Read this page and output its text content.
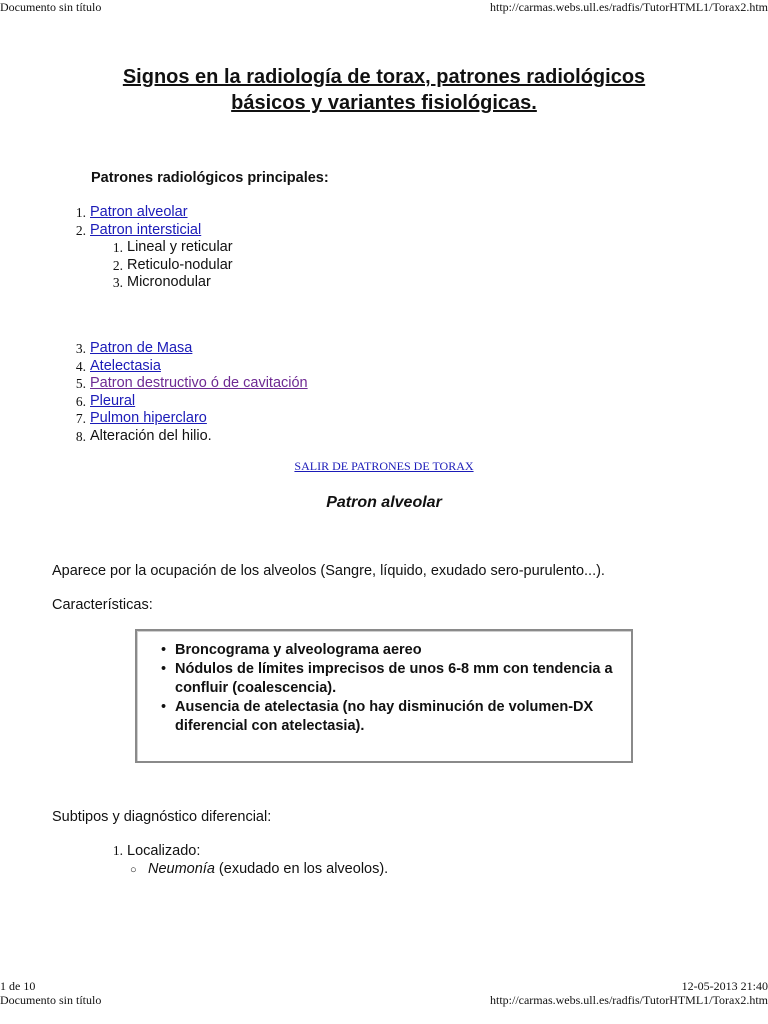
Documento sin título	http://carmas.webs.ull.es/radfis/TutorHTML1/Torax2.htm
Signos en la radiología de torax, patrones radiológicos
básicos y variantes fisiológicas.
Patrones radiológicos principales:
1. Patron alveolar
2. Patron intersticial
1. Lineal y reticular
2. Reticulo-nodular
3. Micronodular
3. Patron de Masa
4. Atelectasia
5. Patron destructivo ó de cavitación
6. Pleural
7. Pulmon hiperclaro
8. Alteración del hilio.
SALIR DE PATRONES DE TORAX
Patron alveolar
Aparece por la ocupación de los alveolos (Sangre, líquido, exudado sero-purulento...).
Características:
• Broncograma y alveolograma aereo
• Nódulos de límites imprecisos de unos 6-8 mm con tendencia a confluir (coalescencia).
• Ausencia de atelectasia (no hay disminución de volumen-DX diferencial con atelectasia).
Subtipos y diagnóstico diferencial:
1. Localizado:
○ Neumonía (exudado en los alveolos).
1 de 10	12-05-2013 21:40
Documento sin título	http://carmas.webs.ull.es/radfis/TutorHTML1/Torax2.htm
